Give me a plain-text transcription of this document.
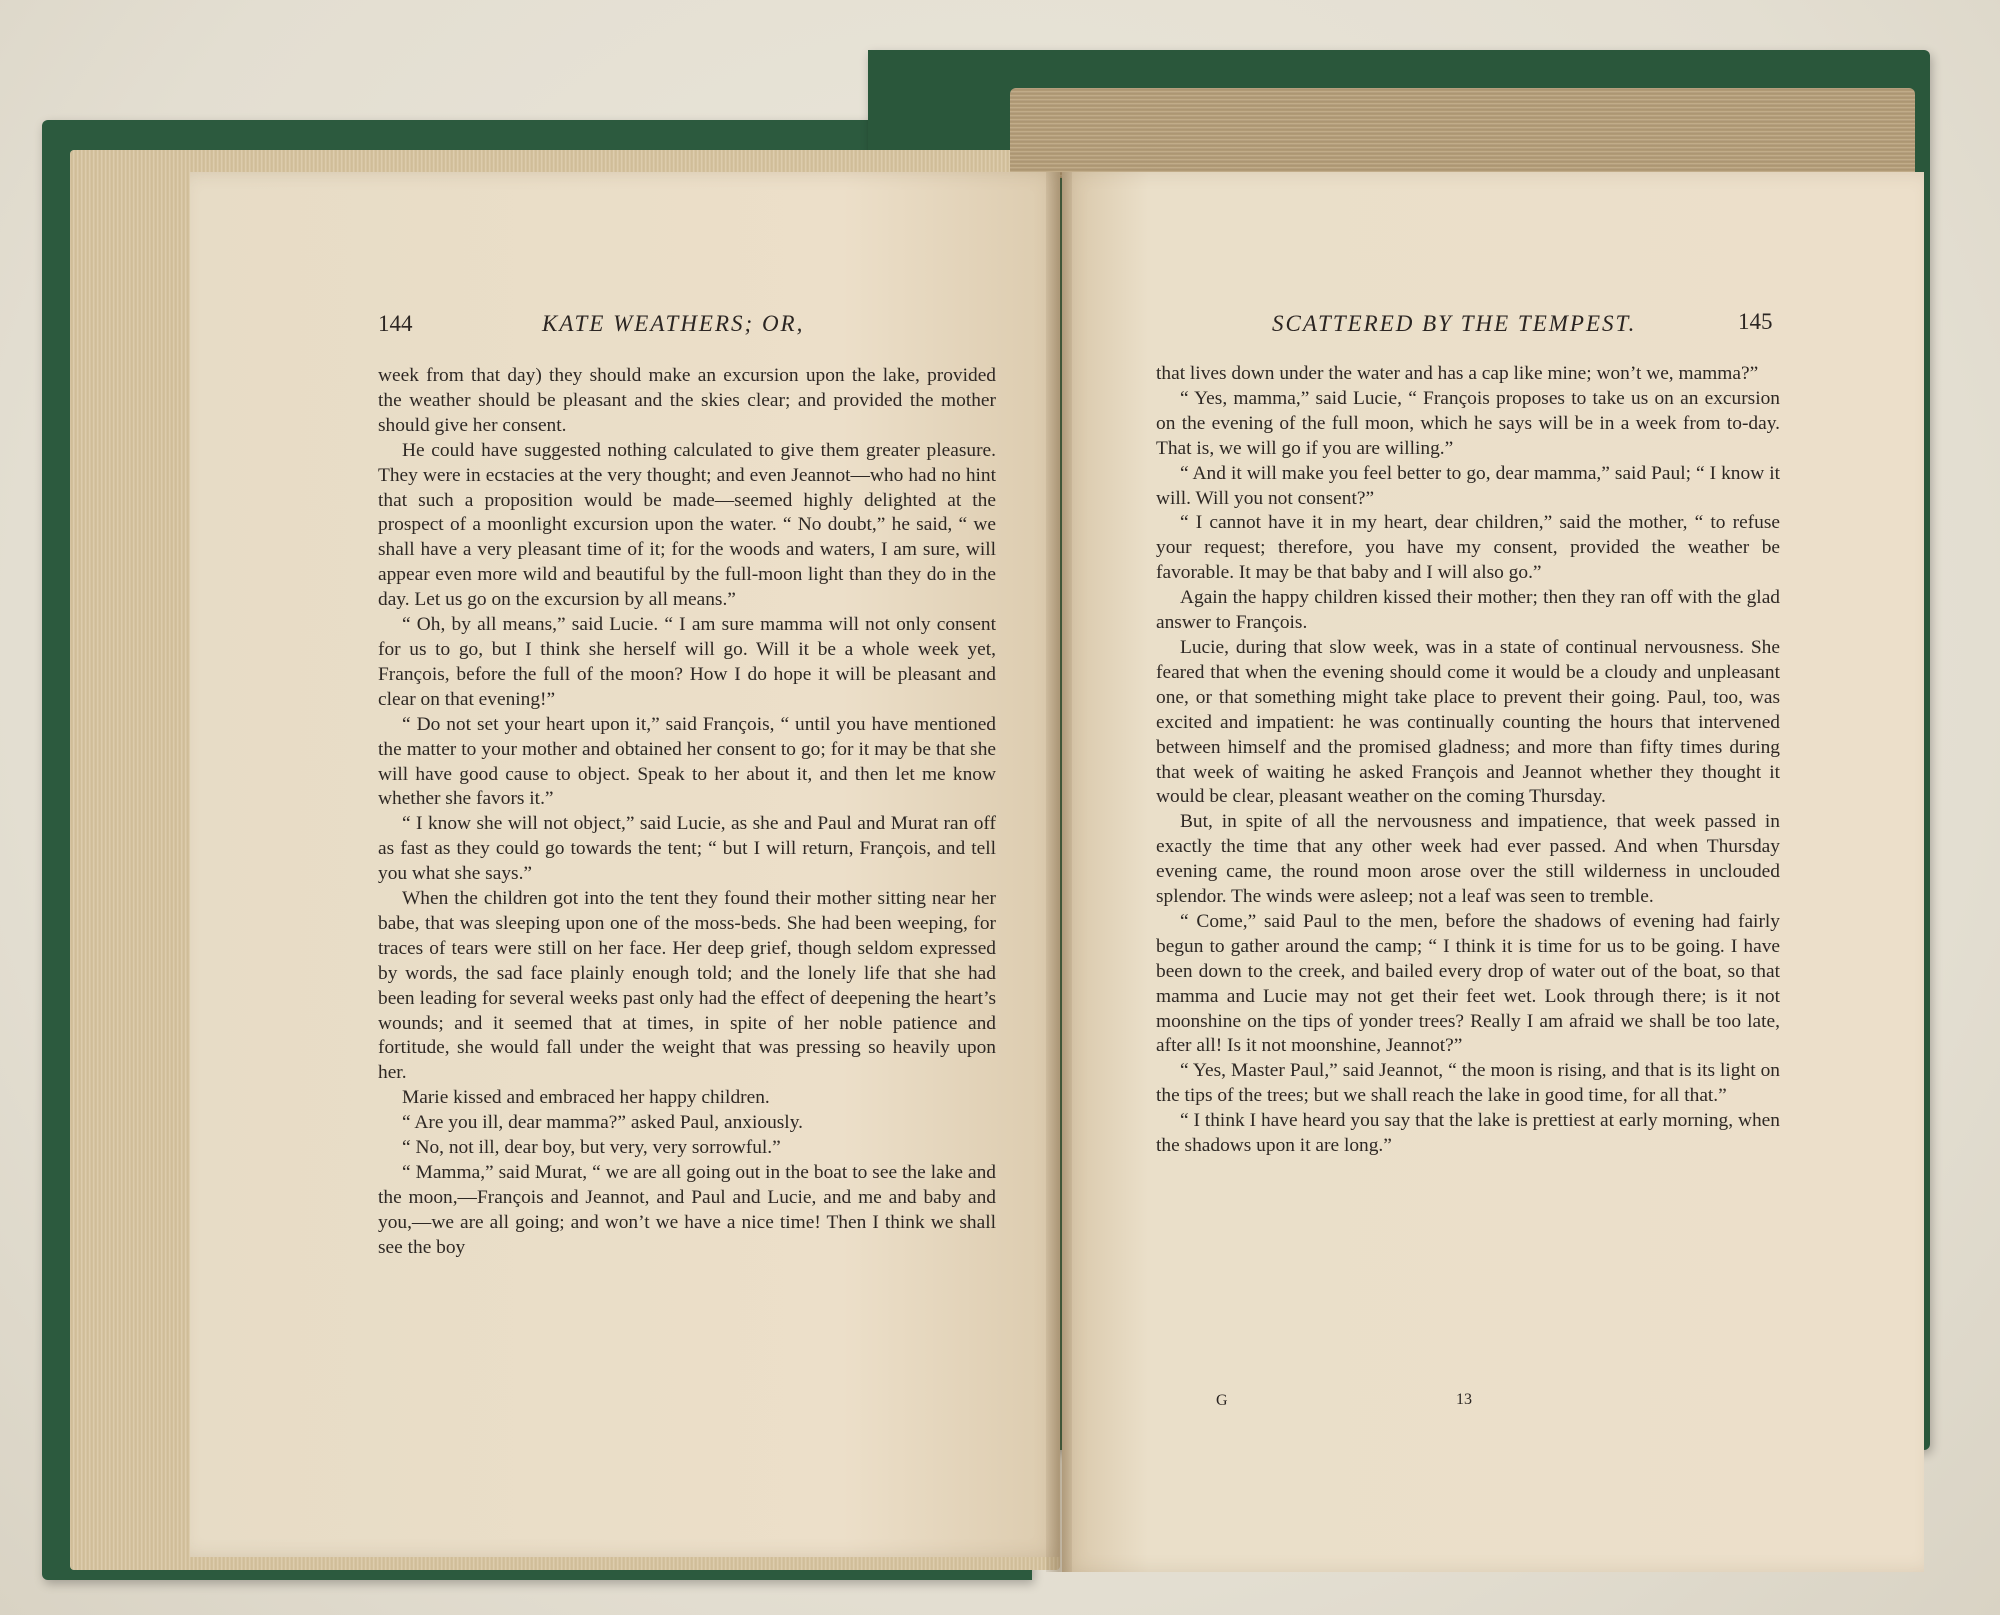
144	KATE WEATHERS; OR,

week from that day) they should make an excursion upon the lake, provided the weather should be pleasant and the skies clear; and provided the mother should give her consent.

He could have suggested nothing calculated to give them greater pleasure. They were in ecstacies at the very thought; and even Jeannot—who had no hint that such a proposition would be made—seemed highly delighted at the prospect of a moonlight excursion upon the water. “ No doubt,” he said, “ we shall have a very pleasant time of it; for the woods and waters, I am sure, will appear even more wild and beautiful by the full-moon light than they do in the day. Let us go on the excursion by all means.”

“ Oh, by all means,” said Lucie. “ I am sure mamma will not only consent for us to go, but I think she herself will go. Will it be a whole week yet, François, before the full of the moon? How I do hope it will be pleasant and clear on that evening!”

“ Do not set your heart upon it,” said François, “ until you have mentioned the matter to your mother and obtained her consent to go; for it may be that she will have good cause to object. Speak to her about it, and then let me know whether she favors it.”

“ I know she will not object,” said Lucie, as she and Paul and Murat ran off as fast as they could go towards the tent; “ but I will return, François, and tell you what she says.”

When the children got into the tent they found their mother sitting near her babe, that was sleeping upon one of the moss-beds. She had been weeping, for traces of tears were still on her face. Her deep grief, though seldom expressed by words, the sad face plainly enough told; and the lonely life that she had been leading for several weeks past only had the effect of deepening the heart’s wounds; and it seemed that at times, in spite of her noble patience and fortitude, she would fall under the weight that was pressing so heavily upon her.

Marie kissed and embraced her happy children.

“ Are you ill, dear mamma?” asked Paul, anxiously.

“ No, not ill, dear boy, but very, very sorrowful.”

“ Mamma,” said Murat, “ we are all going out in the boat to see the lake and the moon,—François and Jeannot, and Paul and Lucie, and me and baby and you,—we are all going; and won’t we have a nice time! Then I think we shall see the boy

SCATTERED BY THE TEMPEST.	145

that lives down under the water and has a cap like mine; won’t we, mamma?”

“ Yes, mamma,” said Lucie, “ François proposes to take us on an excursion on the evening of the full moon, which he says will be in a week from to-day. That is, we will go if you are willing.”

“ And it will make you feel better to go, dear mamma,” said Paul; “ I know it will. Will you not consent?”

“ I cannot have it in my heart, dear children,” said the mother, “ to refuse your request; therefore, you have my consent, provided the weather be favorable. It may be that baby and I will also go.”

Again the happy children kissed their mother; then they ran off with the glad answer to François.

Lucie, during that slow week, was in a state of continual nervousness. She feared that when the evening should come it would be a cloudy and unpleasant one, or that something might take place to prevent their going. Paul, too, was excited and impatient: he was continually counting the hours that intervened between himself and the promised gladness; and more than fifty times during that week of waiting he asked François and Jeannot whether they thought it would be clear, pleasant weather on the coming Thursday.

But, in spite of all the nervousness and impatience, that week passed in exactly the time that any other week had ever passed. And when Thursday evening came, the round moon arose over the still wilderness in unclouded splendor. The winds were asleep; not a leaf was seen to tremble.

“ Come,” said Paul to the men, before the shadows of evening had fairly begun to gather around the camp; “ I think it is time for us to be going. I have been down to the creek, and bailed every drop of water out of the boat, so that mamma and Lucie may not get their feet wet. Look through there; is it not moonshine on the tips of yonder trees? Really I am afraid we shall be too late, after all! Is it not moonshine, Jeannot?”

“ Yes, Master Paul,” said Jeannot, “ the moon is rising, and that is its light on the tips of the trees; but we shall reach the lake in good time, for all that.”

“ I think I have heard you say that the lake is prettiest at early morning, when the shadows upon it are long.”

G	13
